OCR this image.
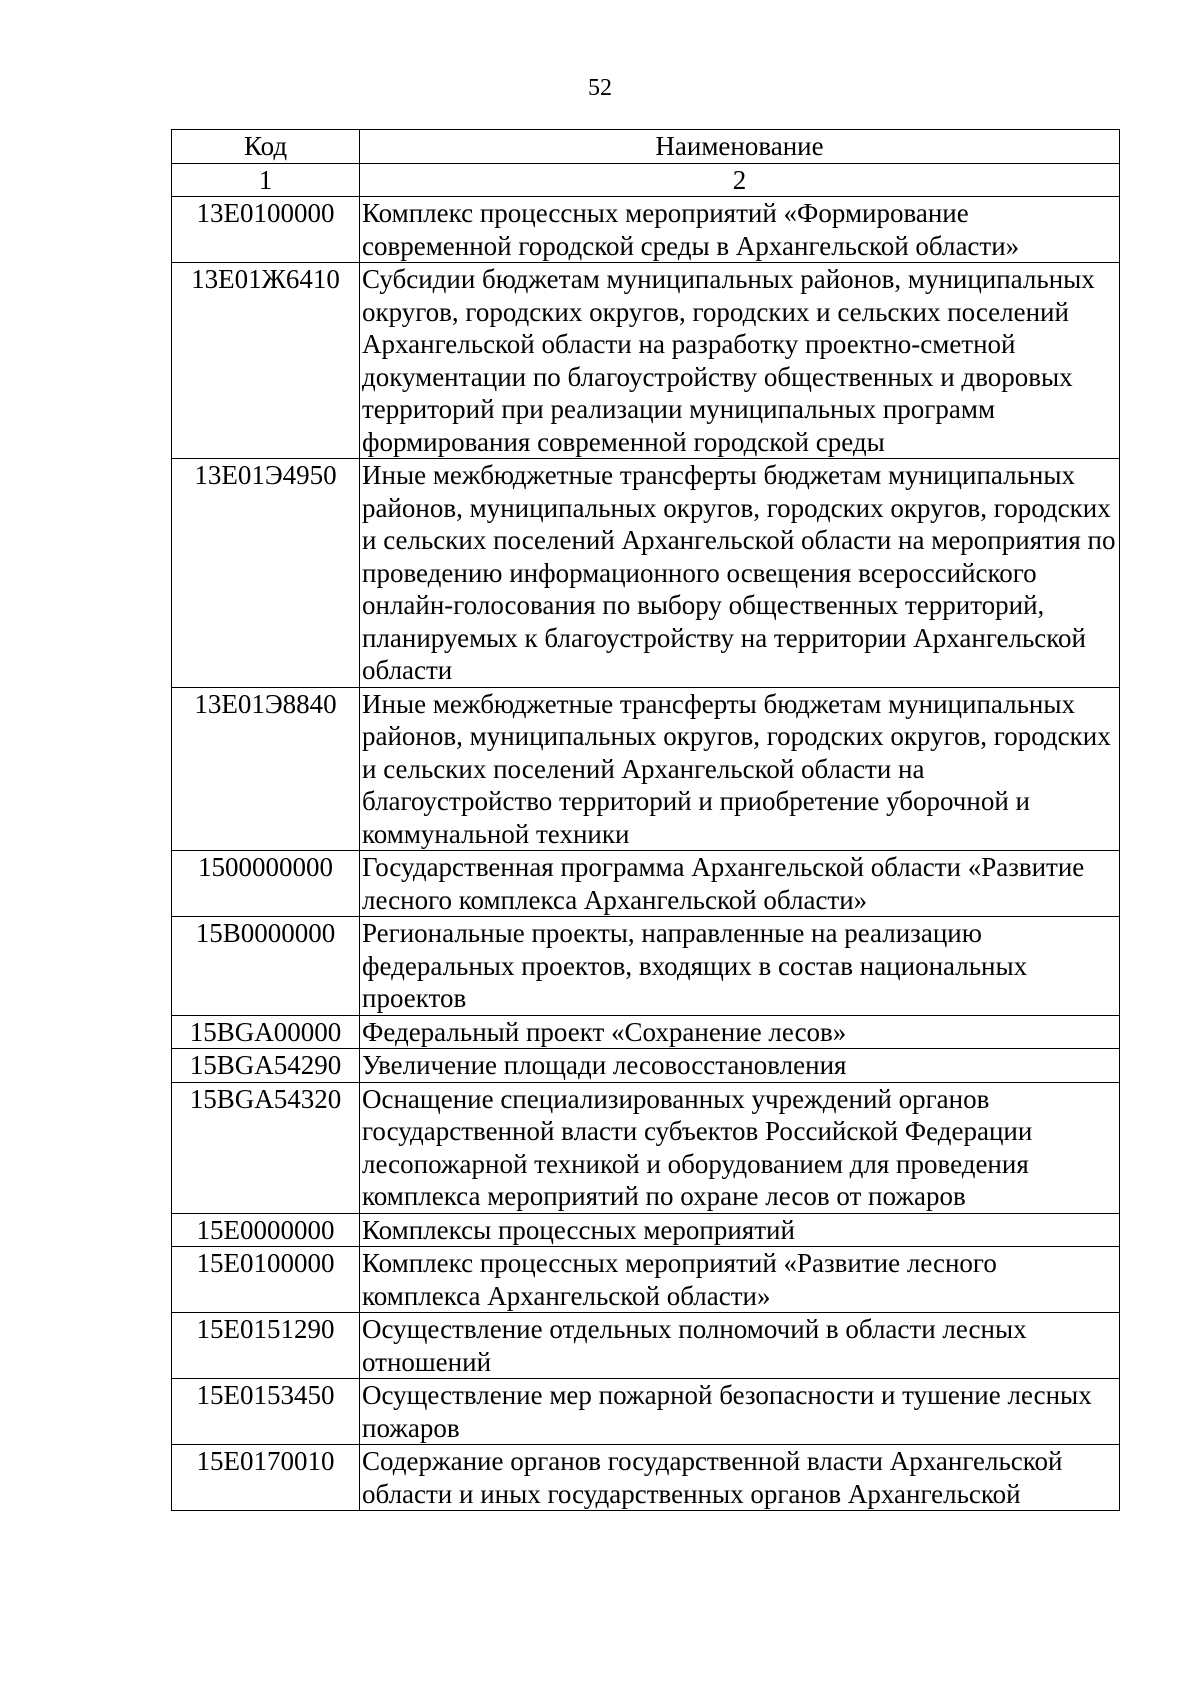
52
Код	Наименование
1	2
13E0100000	Комплекс процессных мероприятий «Формирование современной городской среды в Архангельской области»
13E01Ж6410	Субсидии бюджетам муниципальных районов, муниципальных округов, городских округов, городских и сельских поселений Архангельской области на разработку проектно-сметной документации по благоустройству общественных и дворовых территорий при реализации муниципальных программ формирования современной городской среды
13E01Э4950	Иные межбюджетные трансферты бюджетам муниципальных районов, муниципальных округов, городских округов, городских и сельских поселений Архангельской области на мероприятия по проведению информационного освещения всероссийского онлайн-голосования по выбору общественных территорий, планируемых к благоустройству на территории Архангельской области
13E01Э8840	Иные межбюджетные трансферты бюджетам муниципальных районов, муниципальных округов, городских округов, городских и сельских поселений Архангельской области на благоустройство территорий и приобретение уборочной и коммунальной техники
1500000000	Государственная программа Архангельской области «Развитие лесного комплекса Архангельской области»
15B0000000	Региональные проекты, направленные на реализацию федеральных проектов, входящих в состав национальных проектов
15BGA00000	Федеральный проект «Сохранение лесов»
15BGA54290	Увеличение площади лесовосстановления
15BGA54320	Оснащение специализированных учреждений органов государственной власти субъектов Российской Федерации лесопожарной техникой и оборудованием для проведения комплекса мероприятий по охране лесов от пожаров
15E0000000	Комплексы процессных мероприятий
15E0100000	Комплекс процессных мероприятий «Развитие лесного комплекса Архангельской области»
15E0151290	Осуществление отдельных полномочий в области лесных отношений
15E0153450	Осуществление мер пожарной безопасности и тушение лесных пожаров
15E0170010	Содержание органов государственной власти Архангельской области и иных государственных органов Архангельской
